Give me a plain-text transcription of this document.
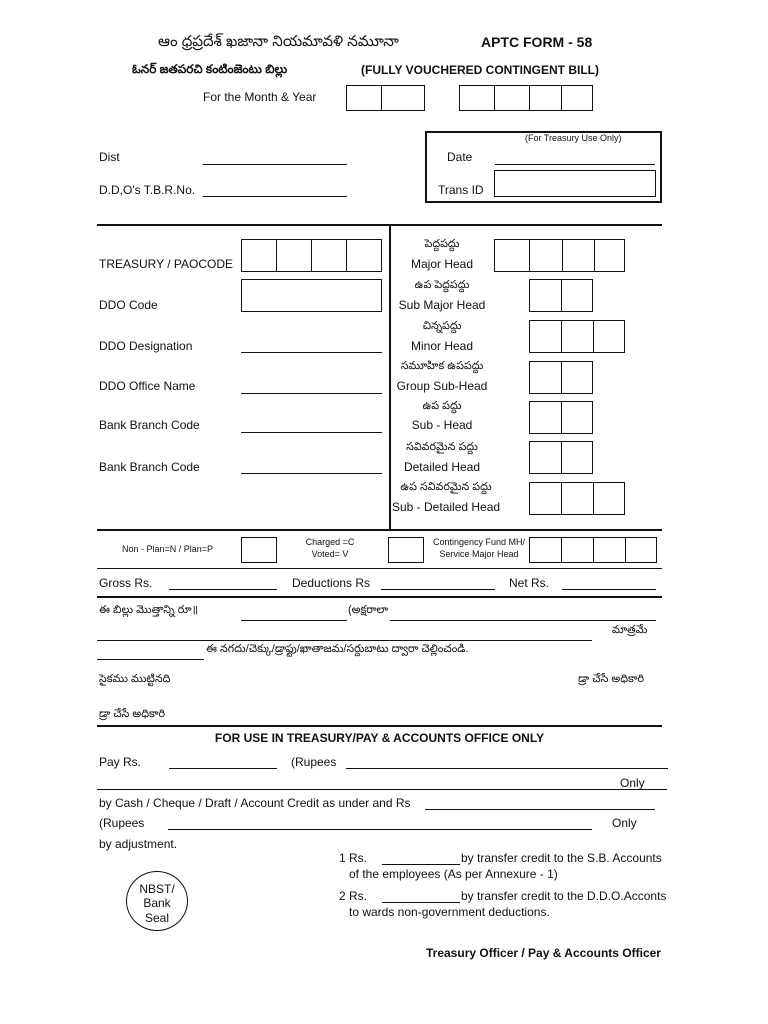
ఆం ధ్రప్రదేశ్ ఖజానా నియమావళి నమూనా	APTC FORM - 58
ఓనర్ జతపరచి కంటింజెంటు బిల్లు	(FULLY VOUCHERED CONTINGENT BILL)
For the Month & Year
Dist
D.D,O's T.B.R.No.
(For Treasury Use Only)
Date
Trans ID
TREASURY / PAOCODE
DDO Code
DDO Designation
DDO Office Name
Bank Branch Code
Bank Branch Code
పెద్దపద్దు
Major Head
ఉప పెద్దపద్దు
Sub Major Head
చిన్నపద్దు
Minor Head
సమూహిక ఉపపద్దు
Group Sub-Head
ఉప పద్దు
Sub - Head
సవివరమైన పద్దు
Detailed Head
ఉప సవివరమైన పద్దు
Sub - Detailed Head
Non - Plan=N / Plan=P
Charged =C
Voted= V
Contingency Fund MH/
Service Major Head
Gross Rs.	Deductions Rs	Net Rs.
ఈ బిల్లు మొత్తాన్ని రూ॥	(అక్షరాలా
మాత్రమే
ఈ నగదు/చెక్కు/డ్రాఫ్టు/ఖాతాజమ/సర్దుబాటు ద్వారా చెల్లించండి.
సైకము ముట్టినది	డ్రా చేసే అధికారి
డ్రా చేసే అధికారి
FOR USE IN TREASURY/PAY & ACCOUNTS OFFICE ONLY
Pay Rs.	(Rupees
Only
by Cash / Cheque / Draft / Account Credit as under and Rs
(Rupees	Only
by adjustment.
1 Rs.	by transfer credit to the S.B. Accounts
of the employees (As per Annexure - 1)
2 Rs.	by transfer credit to the D.D.O.Acconts
to wards non-government deductions.
NBST/
Bank
Seal
Treasury Officer / Pay & Accounts Officer
